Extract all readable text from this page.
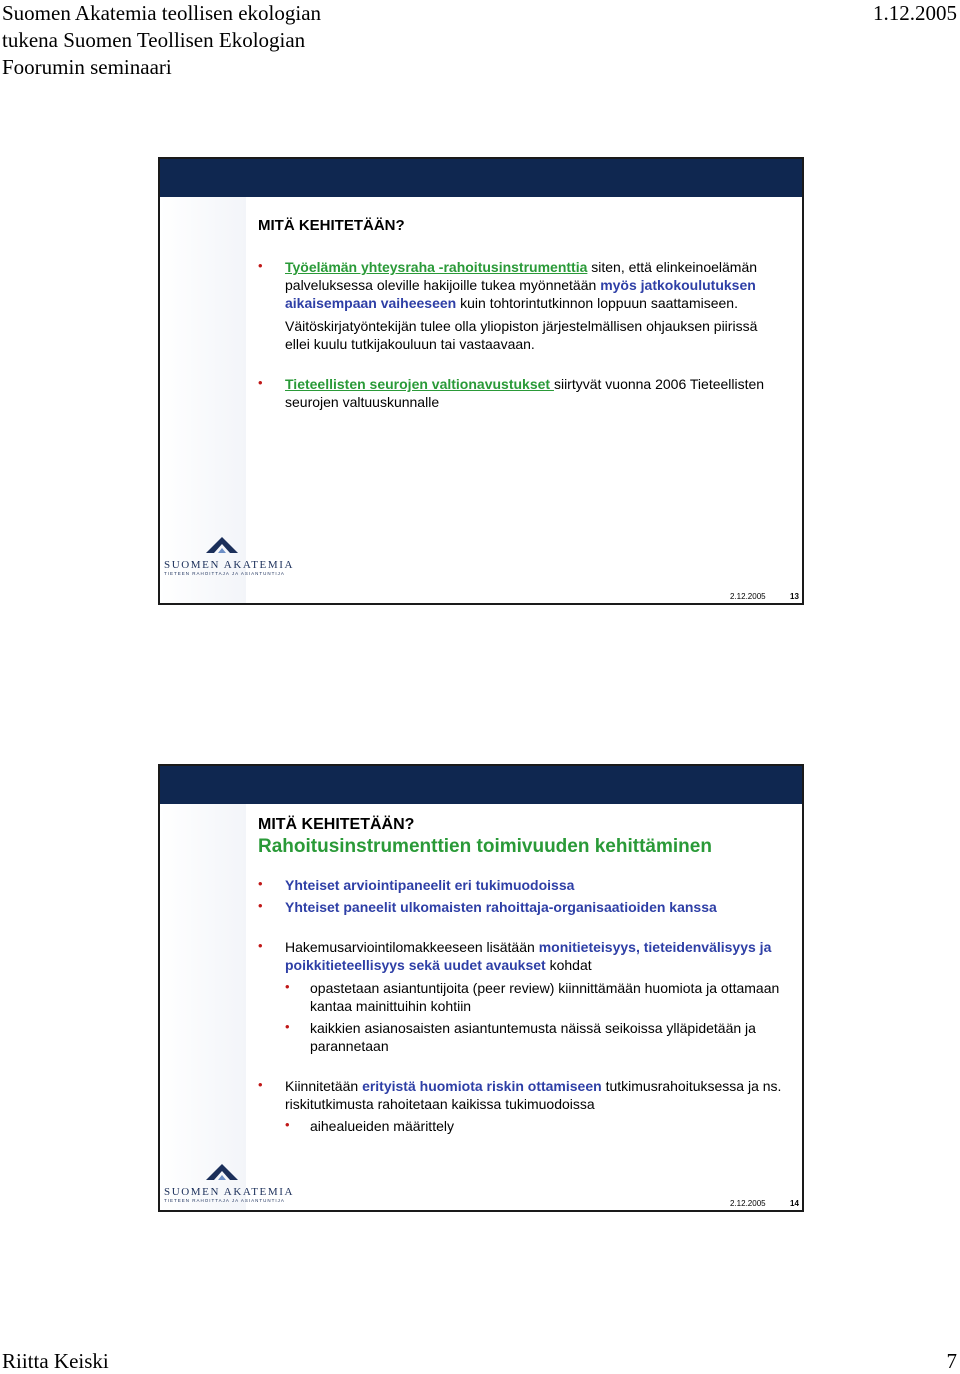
Suomen Akatemia teollisen ekologian
tukena Suomen Teollisen Ekologian
Foorumin seminaari
1.12.2005
MITÄ KEHITETÄÄN?
• Työelämän yhteysraha -rahoitusinstrumenttia siten, että elinkeinoelämän palveluksessa oleville hakijoille tukea myönnetään myös jatkokoulutuksen aikaisempaan vaiheeseen kuin tohtorintutkinnon loppuun saattamiseen.
Väitöskirjatyöntekijän tulee olla yliopiston järjestelmällisen ohjauksen piirissä ellei kuulu tutkijakouluun tai vastaavaan.
• Tieteellisten seurojen valtionavustukset siirtyvät vuonna 2006 Tieteellisten seurojen valtuuskunnalle
SUOMEN AKATEMIA
TIETEEN RAHOITTAJA JA ASIANTUNTIJA
2.12.2005	13
MITÄ KEHITETÄÄN?
Rahoitusinstrumenttien toimivuuden kehittäminen
• Yhteiset arviointipaneelit eri tukimuodoissa
• Yhteiset paneelit ulkomaisten rahoittaja-organisaatioiden kanssa
• Hakemusarviointilomakkeeseen lisätään monitieteisyys, tieteidenvälisyys ja poikkitieteellisyys sekä uudet avaukset kohdat
• opastetaan asiantuntijoita (peer review) kiinnittämään huomiota ja ottamaan kantaa mainittuihin kohtiin
• kaikkien asianosaisten asiantuntemusta näissä seikoissa ylläpidetään ja parannetaan
• Kiinnitetään erityistä huomiota riskin ottamiseen tutkimusrahoituksessa ja ns. riskitutkimusta rahoitetaan kaikissa tukimuodoissa
• aihealueiden määrittely
SUOMEN AKATEMIA
TIETEEN RAHOITTAJA JA ASIANTUNTIJA	2.12.2005	14
Riitta Keiski	7
